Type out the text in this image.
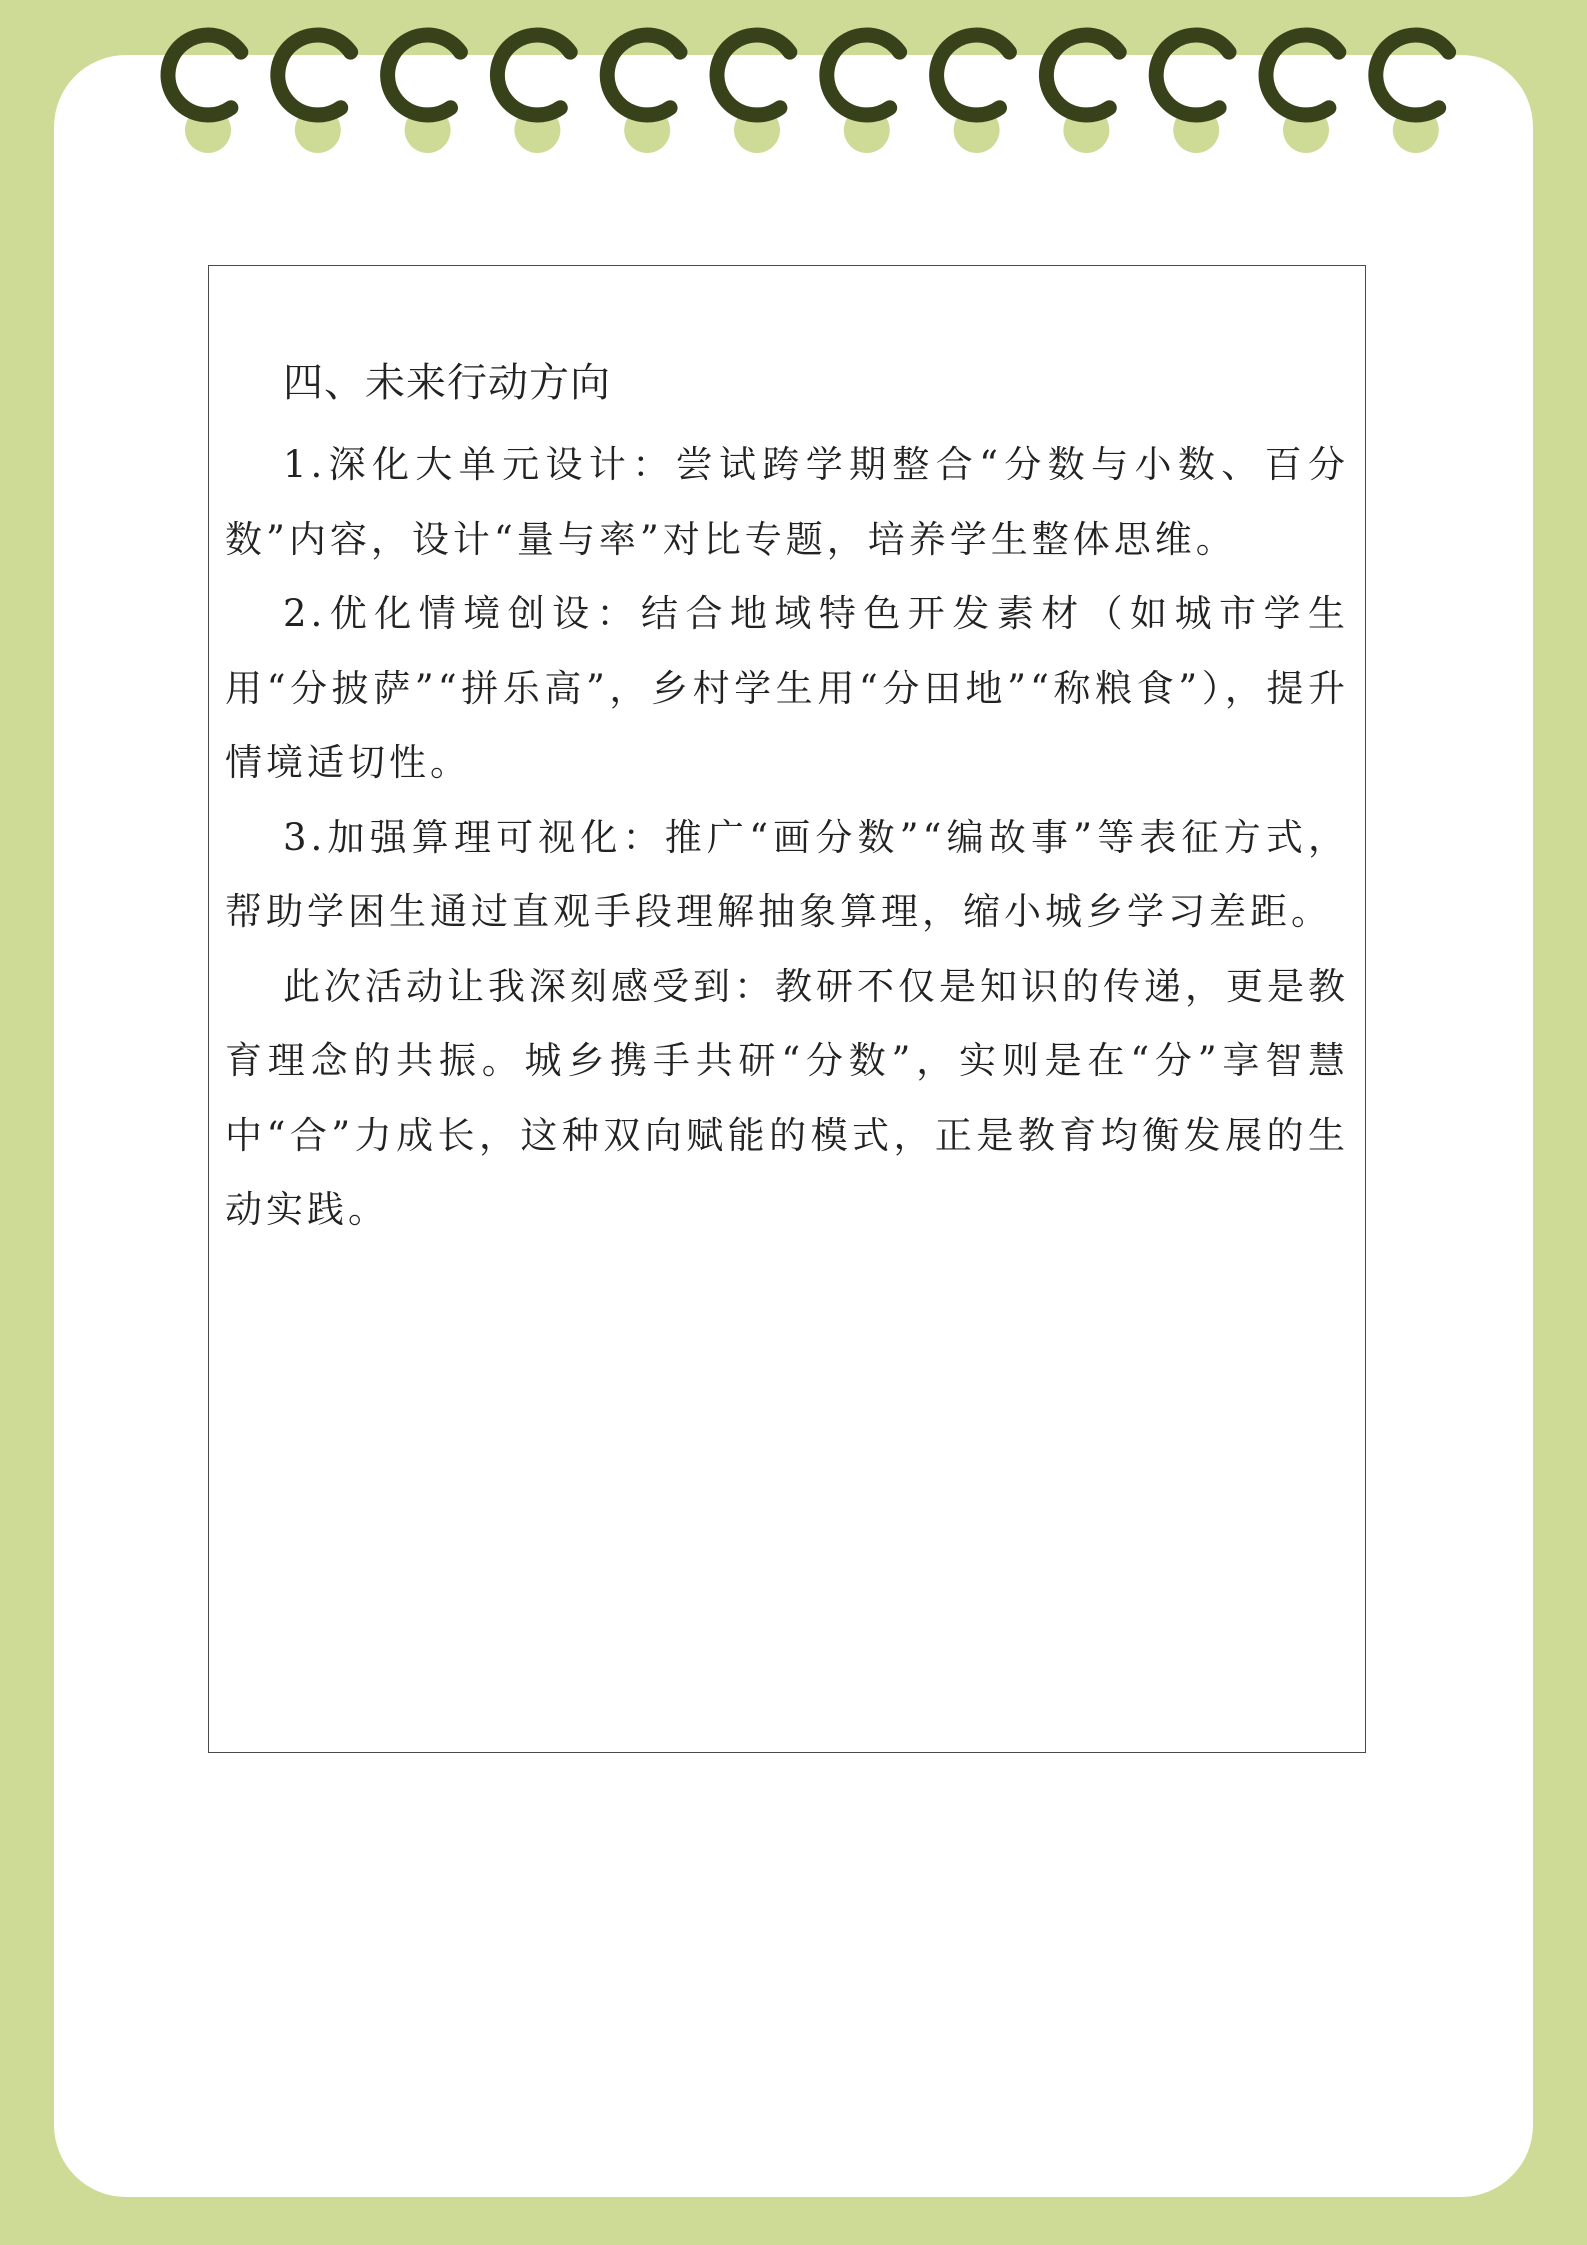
四、未来行动方向

1.深化大单元设计：尝试跨学期整合“分数与小数、百分数”内容，设计“量与率”对比专题，培养学生整体思维。

2.优化情境创设：结合地域特色开发素材（如城市学生用“分披萨”“拼乐高”，乡村学生用“分田地”“称粮食”），提升情境适切性。

3.加强算理可视化：推广“画分数”“编故事”等表征方式，帮助学困生通过直观手段理解抽象算理，缩小城乡学习差距。

此次活动让我深刻感受到：教研不仅是知识的传递，更是教育理念的共振。城乡携手共研“分数”，实则是在“分”享智慧中“合”力成长，这种双向赋能的模式，正是教育均衡发展的生动实践。
